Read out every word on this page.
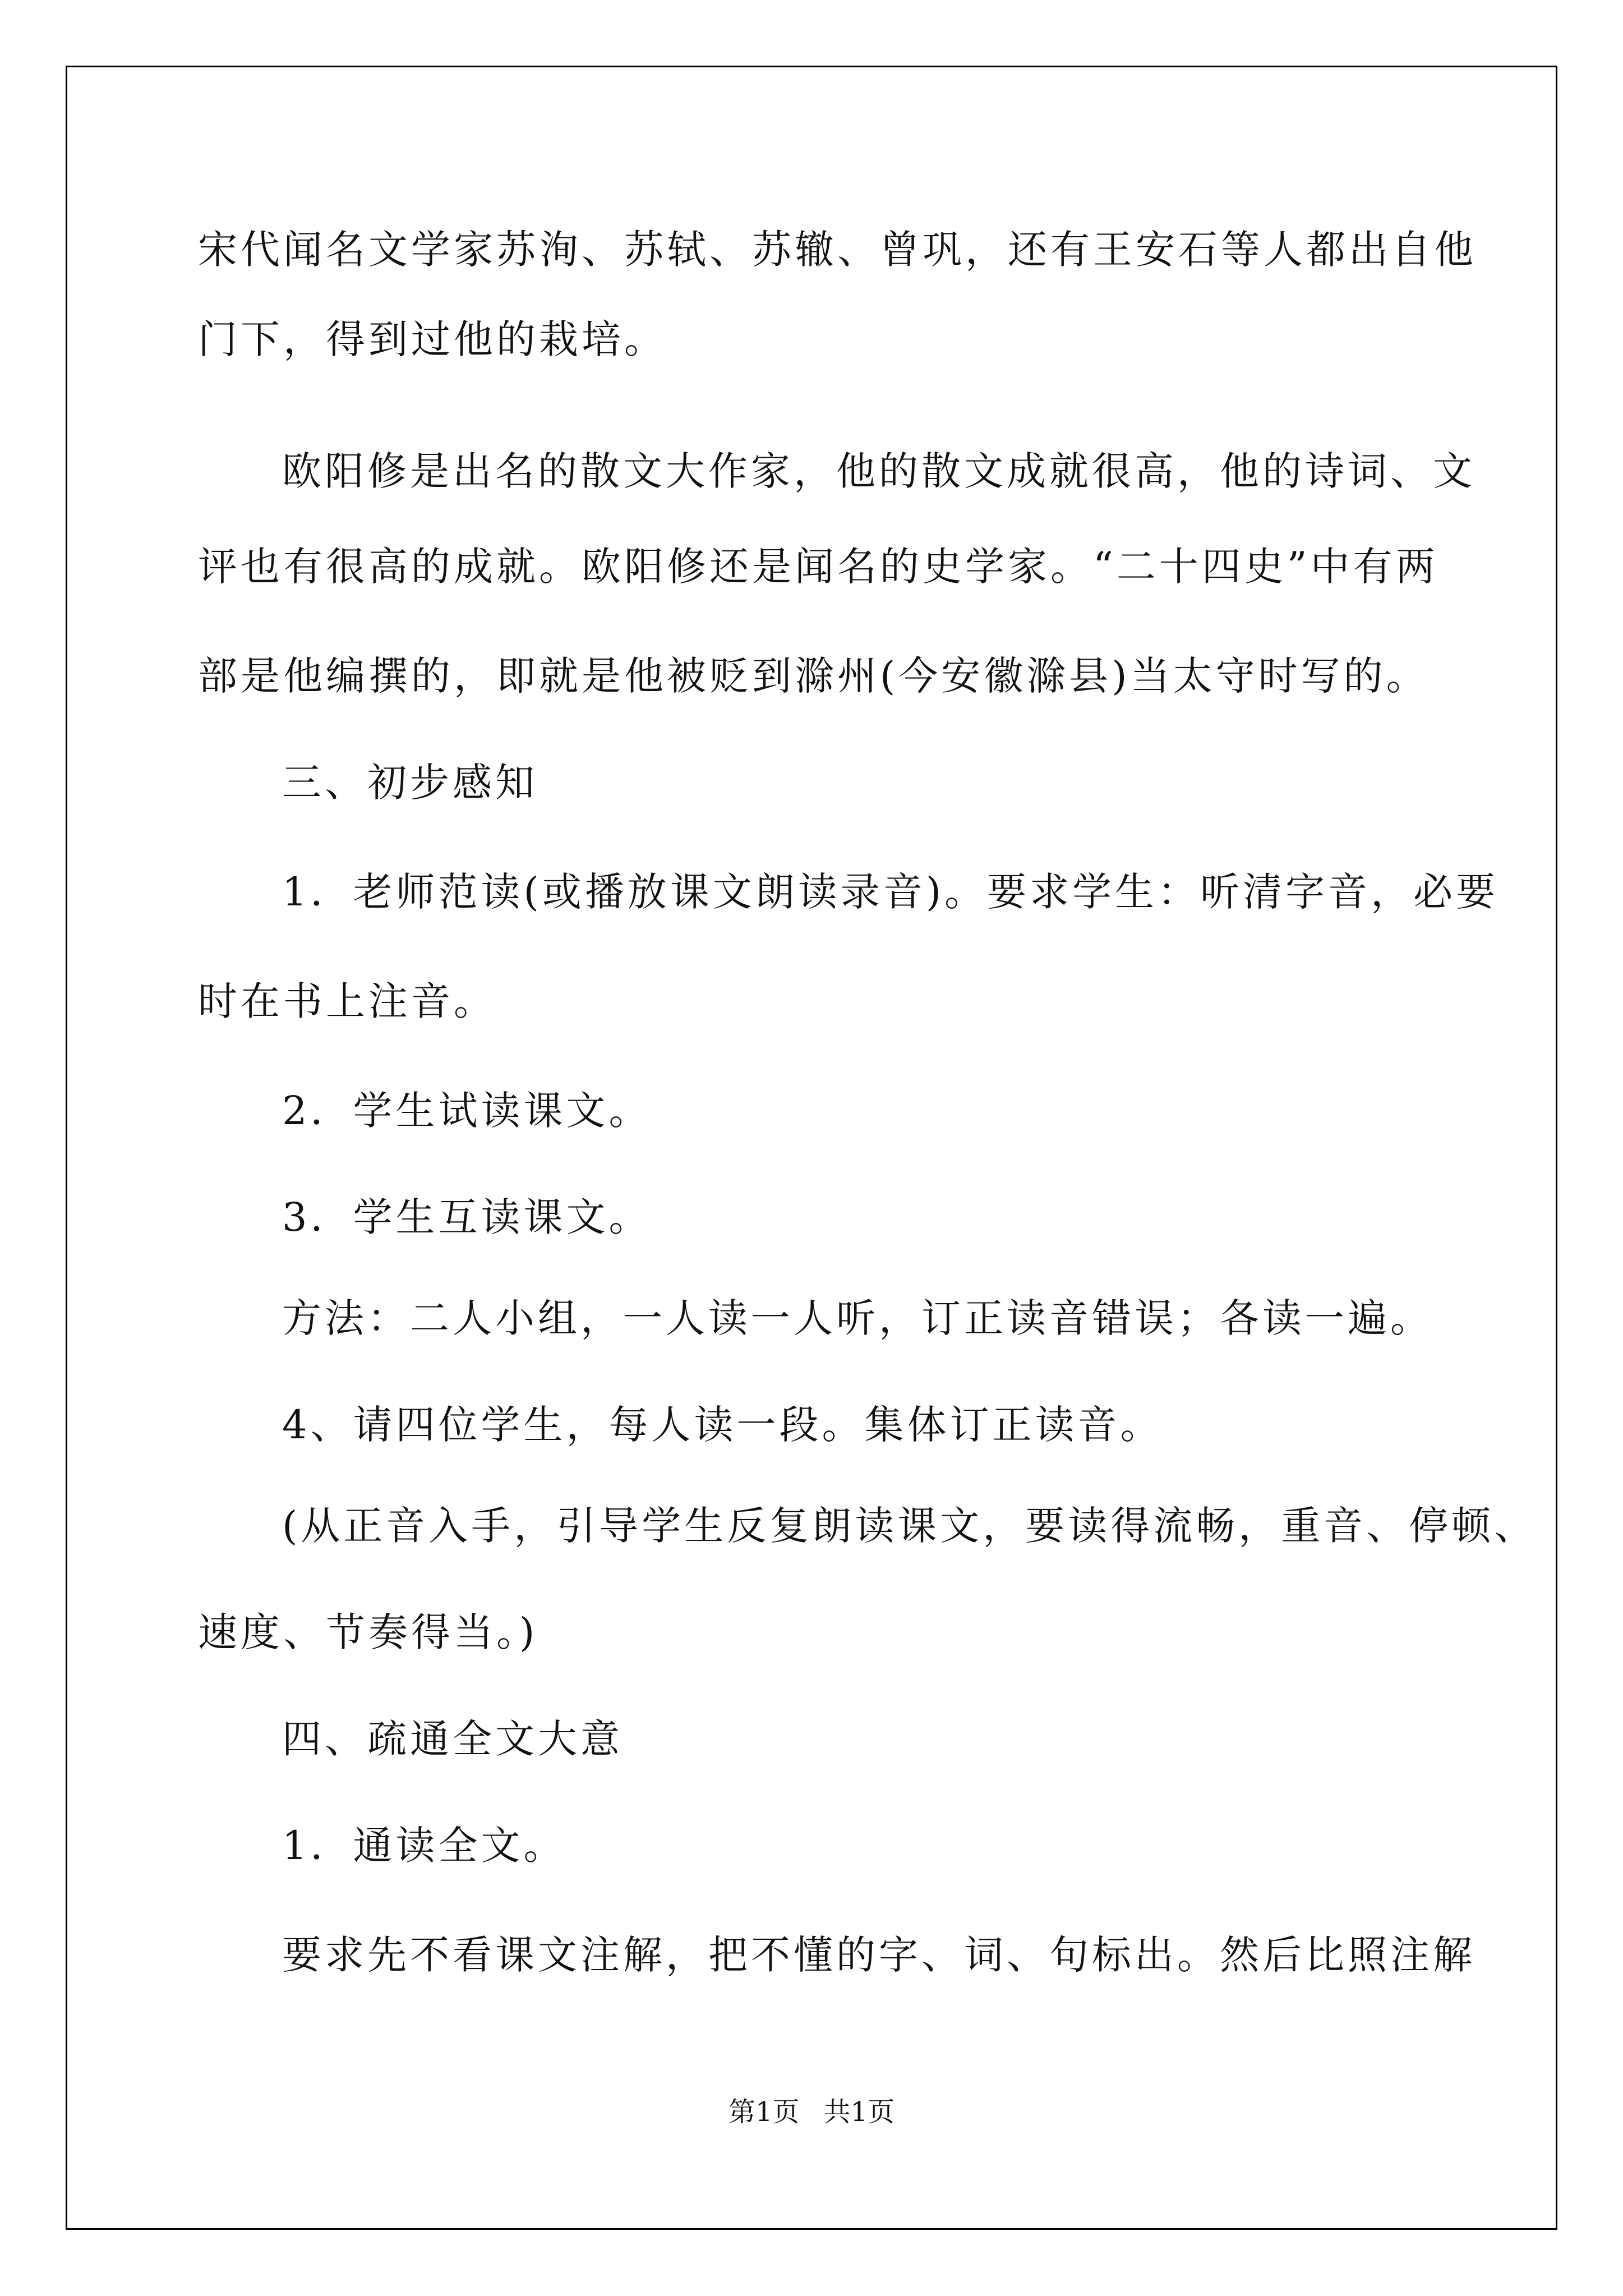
宋代闻名文学家苏洵、苏轼、苏辙、曾巩，还有王安石等人都出自他
门下，得到过他的栽培。
欧阳修是出名的散文大作家，他的散文成就很高，他的诗词、文
评也有很高的成就。欧阳修还是闻名的史学家。“二十四史”中有两
部是他编撰的，即就是他被贬到滁州(今安徽滁县)当太守时写的。
三、初步感知
1．老师范读(或播放课文朗读录音)。要求学生：听清字音，必要
时在书上注音。
2．学生试读课文。
3．学生互读课文。
方法：二人小组，一人读一人听，订正读音错误；各读一遍。
4、请四位学生，每人读一段。集体订正读音。
(从正音入手，引导学生反复朗读课文，要读得流畅，重音、停顿、
速度、节奏得当。)
四、疏通全文大意
1．通读全文。
要求先不看课文注解，把不懂的字、词、句标出。然后比照注解
第1页 共1页
